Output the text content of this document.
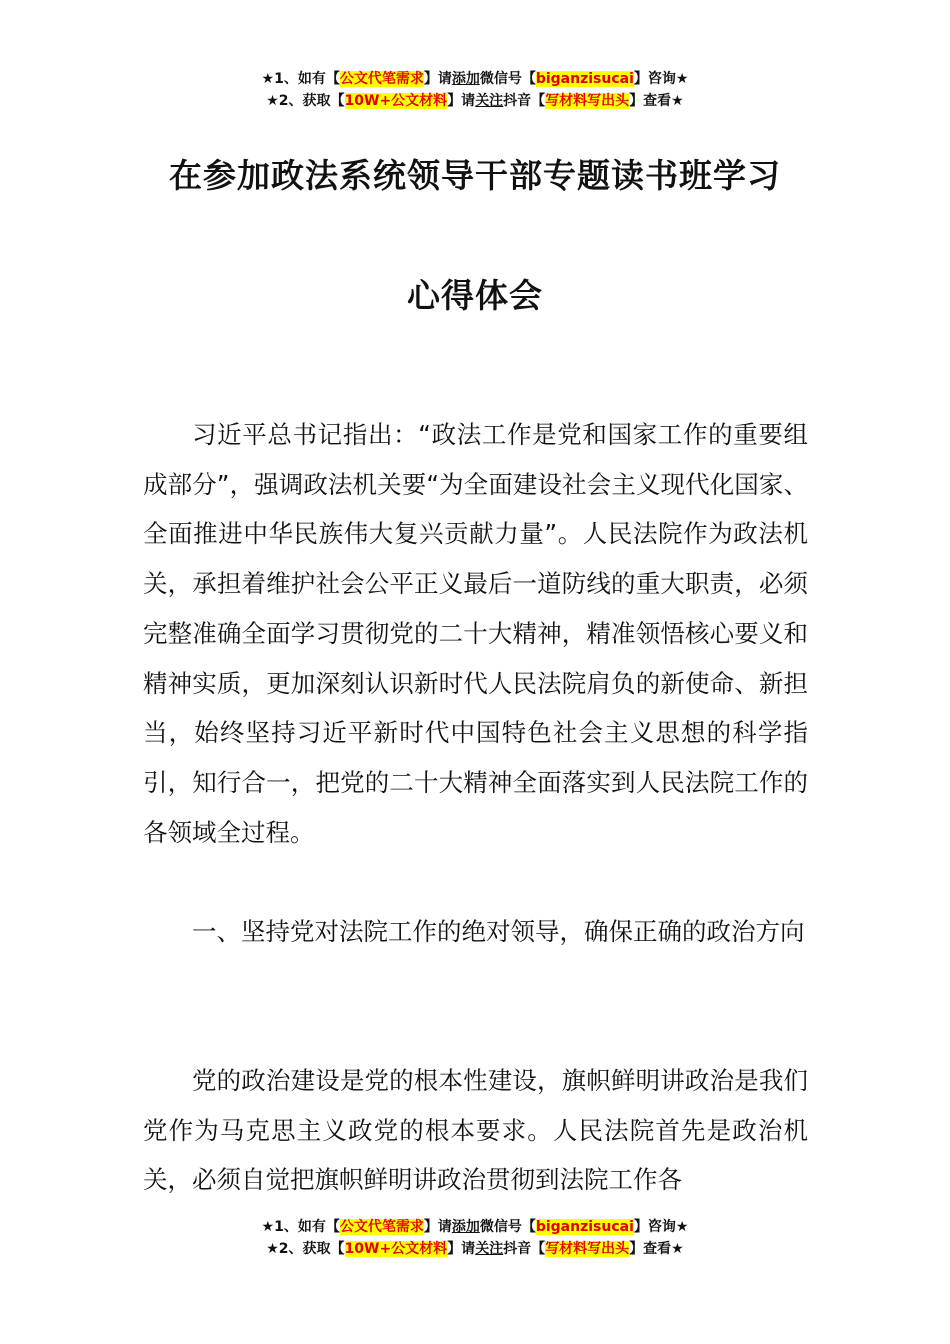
★1、如有【公文代笔需求】请添加微信号【biganzisucai】咨询★
★2、获取【10W+公文材料】请关注抖音【写材料写出头】查看★
在参加政法系统领导干部专题读书班学习
心得体会

习近平总书记指出：“政法工作是党和国家工作的重要组成部分”，强调政法机关要“为全面建设社会主义现代化国家、全面推进中华民族伟大复兴贡献力量”。人民法院作为政法机关，承担着维护社会公平正义最后一道防线的重大职责，必须完整准确全面学习贯彻党的二十大精神，精准领悟核心要义和精神实质，更加深刻认识新时代人民法院肩负的新使命、新担当，始终坚持习近平新时代中国特色社会主义思想的科学指引，知行合一，把党的二十大精神全面落实到人民法院工作的各领域全过程。

一、坚持党对法院工作的绝对领导，确保正确的政治方向

党的政治建设是党的根本性建设，旗帜鲜明讲政治是我们党作为马克思主义政党的根本要求。人民法院首先是政治机关，必须自觉把旗帜鲜明讲政治贯彻到法院工作各

★1、如有【公文代笔需求】请添加微信号【biganzisucai】咨询★
★2、获取【10W+公文材料】请关注抖音【写材料写出头】查看★
